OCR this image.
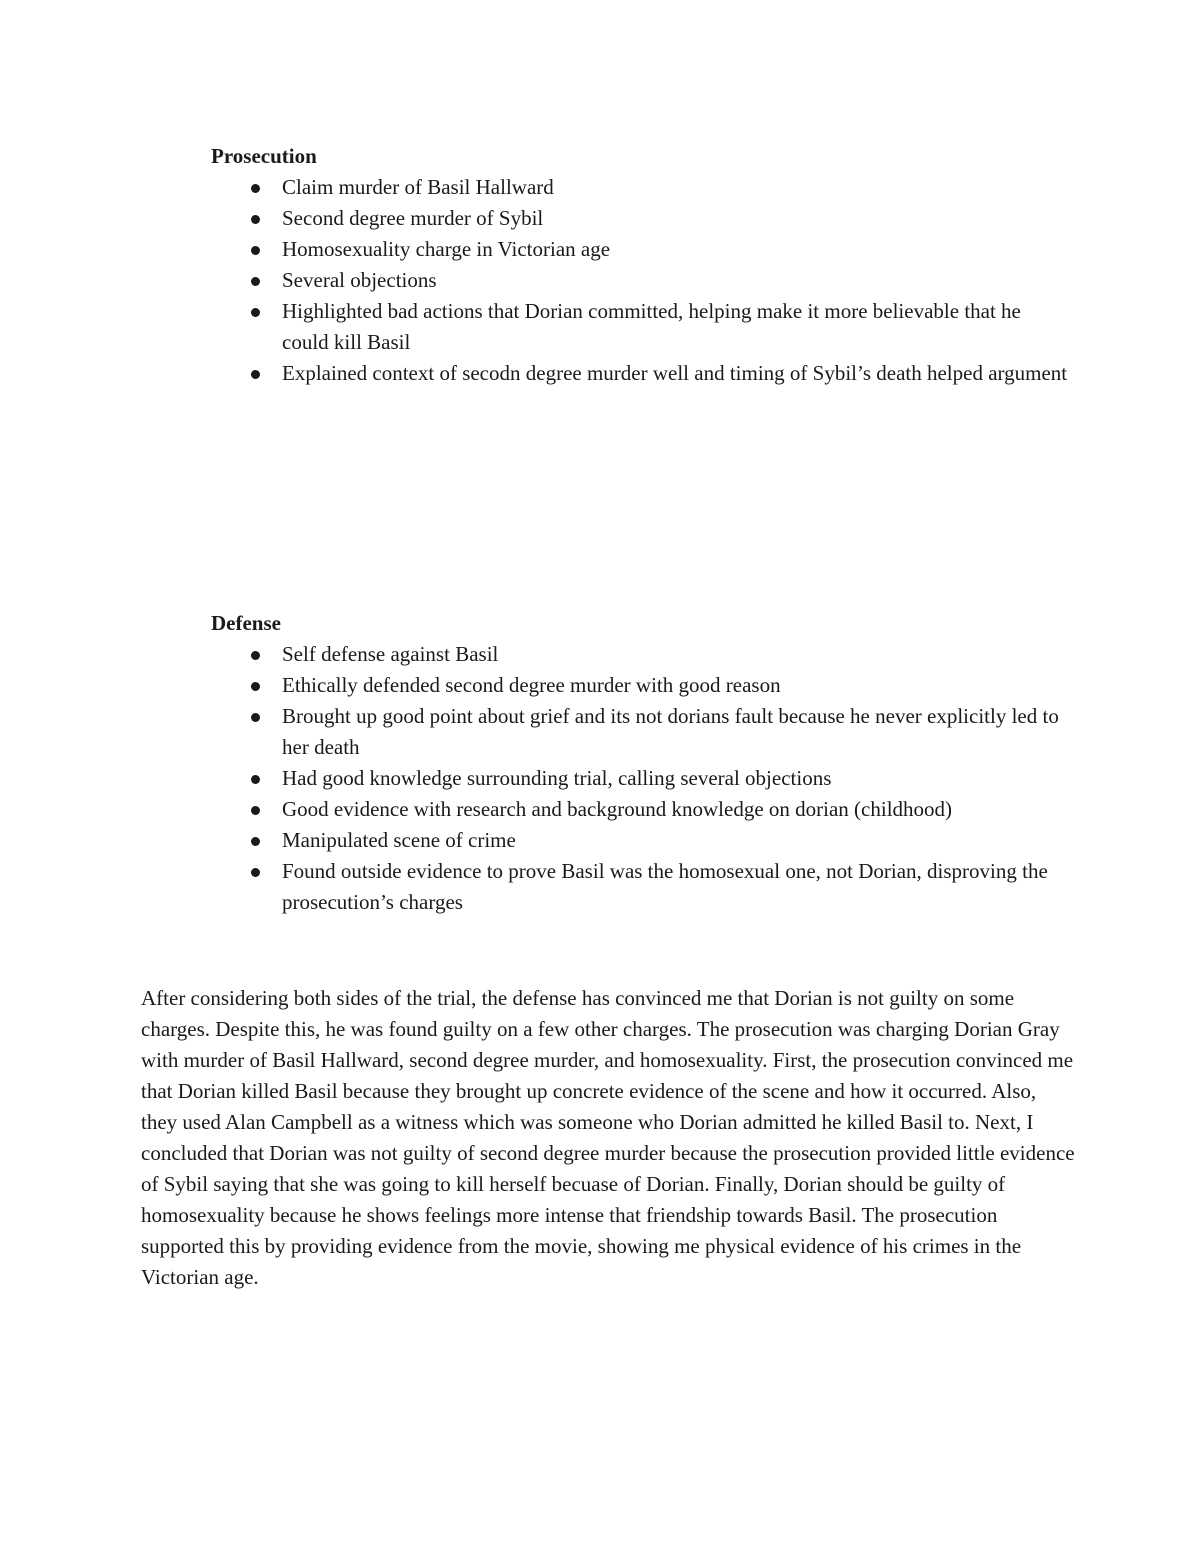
Prosecution
Claim murder of Basil Hallward
Second degree murder of Sybil
Homosexuality charge in Victorian age
Several objections
Highlighted bad actions that Dorian committed, helping make it more believable that he could kill Basil
Explained context of secodn degree murder well and timing of Sybil’s death helped argument
Defense
Self defense against Basil
Ethically defended second degree murder with good reason
Brought up good point about grief and its not dorians fault because he never explicitly led to her death
Had good knowledge surrounding trial, calling several objections
Good evidence with research and background knowledge on dorian (childhood)
Manipulated scene of crime
Found outside evidence to prove Basil was the homosexual one, not Dorian, disproving the prosecution’s charges

After considering both sides of the trial, the defense has convinced me that Dorian is not guilty on some charges. Despite this, he was found guilty on a few other charges. The prosecution was charging Dorian Gray with murder of Basil Hallward, second degree murder, and homosexuality. First, the prosecution convinced me that Dorian killed Basil because they brought up concrete evidence of the scene and how it occurred. Also, they used Alan Campbell as a witness which was someone who Dorian admitted he killed Basil to. Next, I concluded that Dorian was not guilty of second degree murder because the prosecution provided little evidence of Sybil saying that she was going to kill herself becuase of Dorian. Finally, Dorian should be guilty of homosexuality because he shows feelings more intense that friendship towards Basil. The prosecution supported this by providing evidence from the movie, showing me physical evidence of his crimes in the Victorian age.
